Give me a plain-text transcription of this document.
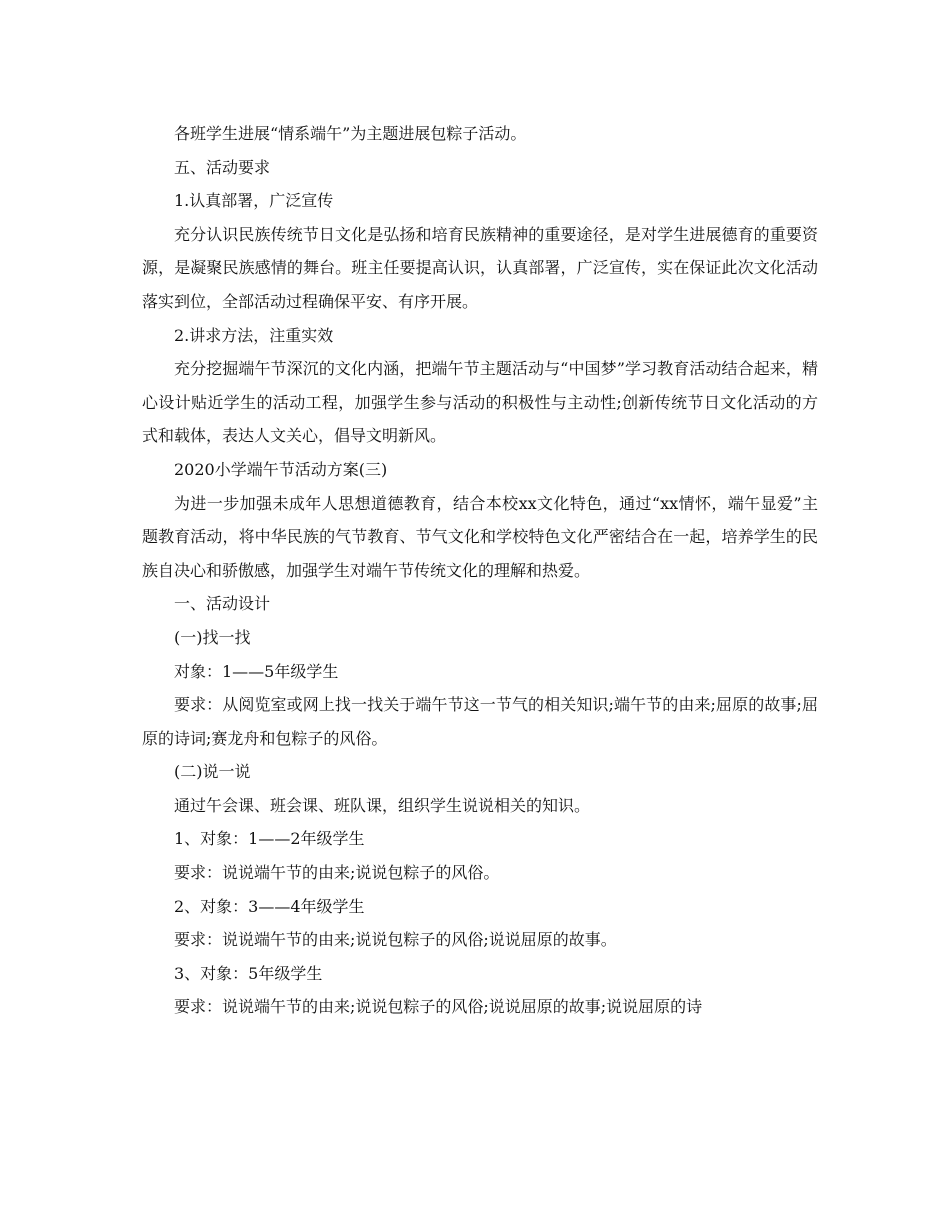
各班学生进展“情系端午”为主题进展包粽子活动。

五、活动要求

1.认真部署，广泛宣传

充分认识民族传统节日文化是弘扬和培育民族精神的重要途径，是对学生进展德育的重要资源，是凝聚民族感情的舞台。班主任要提高认识，认真部署，广泛宣传，实在保证此次文化活动落实到位，全部活动过程确保平安、有序开展。

2.讲求方法，注重实效

充分挖掘端午节深沉的文化内涵，把端午节主题活动与“中国梦”学习教育活动结合起来，精心设计贴近学生的活动工程，加强学生参与活动的积极性与主动性;创新传统节日文化活动的方式和载体，表达人文关心，倡导文明新风。

2020小学端午节活动方案(三)

为进一步加强未成年人思想道德教育，结合本校xx文化特色，通过“xx情怀，端午显爱”主题教育活动，将中华民族的气节教育、节气文化和学校特色文化严密结合在一起，培养学生的民族自决心和骄傲感，加强学生对端午节传统文化的理解和热爱。

一、活动设计

(一)找一找

对象：1——5年级学生

要求：从阅览室或网上找一找关于端午节这一节气的相关知识;端午节的由来;屈原的故事;屈原的诗词;赛龙舟和包粽子的风俗。

(二)说一说

通过午会课、班会课、班队课，组织学生说说相关的知识。

1、对象：1——2年级学生

要求：说说端午节的由来;说说包粽子的风俗。

2、对象：3——4年级学生

要求：说说端午节的由来;说说包粽子的风俗;说说屈原的故事。

3、对象：5年级学生

要求：说说端午节的由来;说说包粽子的风俗;说说屈原的故事;说说屈原的诗
